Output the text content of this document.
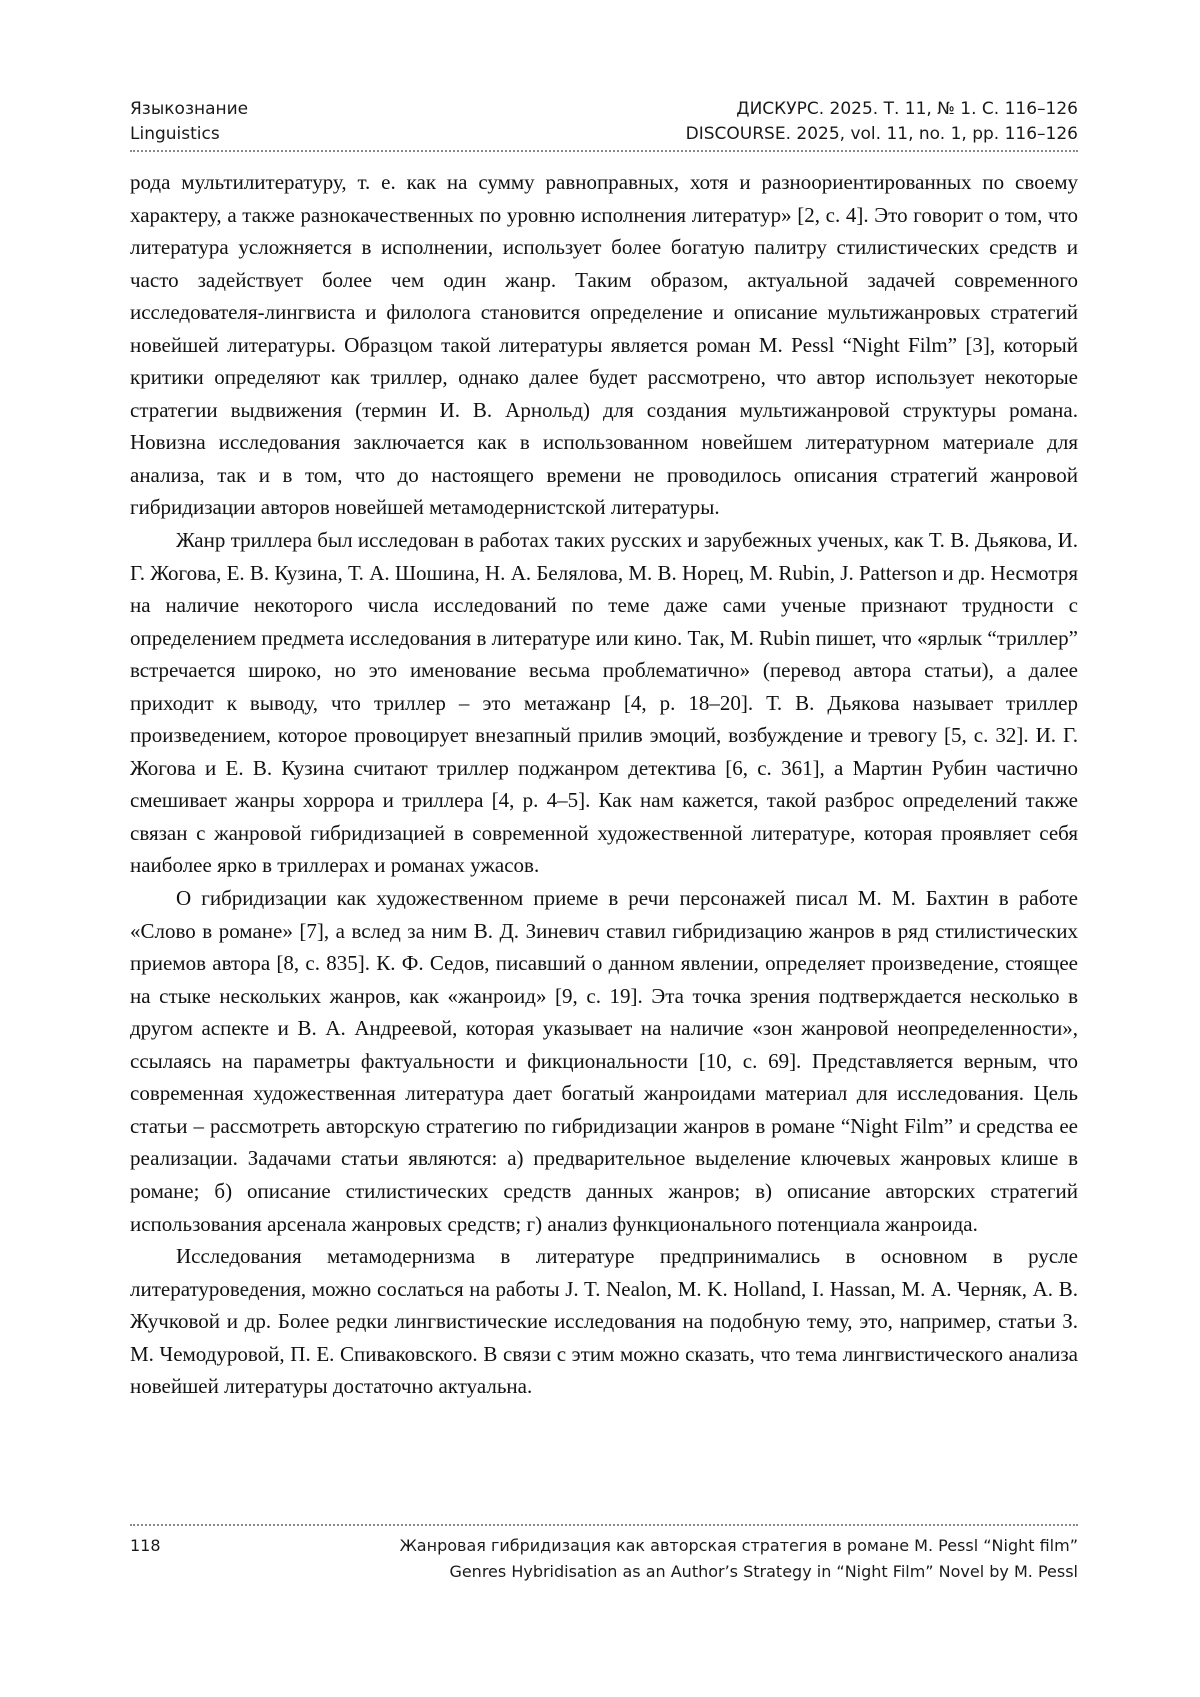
Языкознание	ДИСКУРС. 2025. Т. 11, № 1. С. 116–126
Linguistics	DISCOURSE. 2025, vol. 11, no. 1, pp. 116–126

рода мультилитературу, т. е. как на сумму равноправных, хотя и разноориентированных по своему характеру, а также разнокачественных по уровню исполнения литератур» [2, с. 4]. Это говорит о том, что литература усложняется в исполнении, использует более богатую палитру стилистических средств и часто задействует более чем один жанр. Таким образом, актуальной задачей современного исследователя-лингвиста и филолога становится определение и описание мультижанровых стратегий новейшей литературы. Образцом такой литературы является роман M. Pessl “Night Film” [3], который критики определяют как триллер, однако далее будет рассмотрено, что автор использует некоторые стратегии выдвижения (термин И. В. Арнольд) для создания мультижанровой структуры романа. Новизна исследования заключается как в использованном новейшем литературном материале для анализа, так и в том, что до настоящего времени не проводилось описания стратегий жанровой гибридизации авторов новейшей метамодернистской литературы.

Жанр триллера был исследован в работах таких русских и зарубежных ученых, как Т. В. Дьякова, И. Г. Жогова, Е. В. Кузина, Т. А. Шошина, Н. А. Белялова, М. В. Норец, M. Rubin, J. Patterson и др. Несмотря на наличие некоторого числа исследований по теме даже сами ученые признают трудности с определением предмета исследования в литературе или кино. Так, M. Rubin пишет, что «ярлык “триллер” встречается широко, но это именование весьма проблематично» (перевод автора статьи), а далее приходит к выводу, что триллер – это метажанр [4, p. 18–20]. Т. В. Дьякова называет триллер произведением, которое провоцирует внезапный прилив эмоций, возбуждение и тревогу [5, с. 32]. И. Г. Жогова и Е. В. Кузина считают триллер поджанром детектива [6, с. 361], а Мартин Рубин частично смешивает жанры хоррора и триллера [4, p. 4–5]. Как нам кажется, такой разброс определений также связан с жанровой гибридизацией в современной художественной литературе, которая проявляет себя наиболее ярко в триллерах и романах ужасов.

О гибридизации как художественном приеме в речи персонажей писал М. М. Бахтин в работе «Слово в романе» [7], а вслед за ним В. Д. Зиневич ставил гибридизацию жанров в ряд стилистических приемов автора [8, с. 835]. К. Ф. Седов, писавший о данном явлении, определяет произведение, стоящее на стыке нескольких жанров, как «жанроид» [9, с. 19]. Эта точка зрения подтверждается несколько в другом аспекте и В. А. Андреевой, которая указывает на наличие «зон жанровой неопределенности», ссылаясь на параметры фактуальности и фикциональности [10, с. 69]. Представляется верным, что современная художественная литература дает богатый жанроидами материал для исследования. Цель статьи – рассмотреть авторскую стратегию по гибридизации жанров в романе “Night Film” и средства ее реализации. Задачами статьи являются: а) предварительное выделение ключевых жанровых клише в романе; б) описание стилистических средств данных жанров; в) описание авторских стратегий использования арсенала жанровых средств; г) анализ функционального потенциала жанроида.

Исследования метамодернизма в литературе предпринимались в основном в русле литературоведения, можно сослаться на работы J. T. Nealon, M. K. Holland, I. Hassan, М. А. Черняк, А. В. Жучковой и др. Более редки лингвистические исследования на подобную тему, это, например, статьи З. М. Чемодуровой, П. Е. Спиваковского. В связи с этим можно сказать, что тема лингвистического анализа новейшей литературы достаточно актуальна.

118	Жанровая гибридизация как авторская стратегия в романе M. Pessl “Night film”
Genres Hybridisation as an Author’s Strategy in “Night Film” Novel by M. Pessl
